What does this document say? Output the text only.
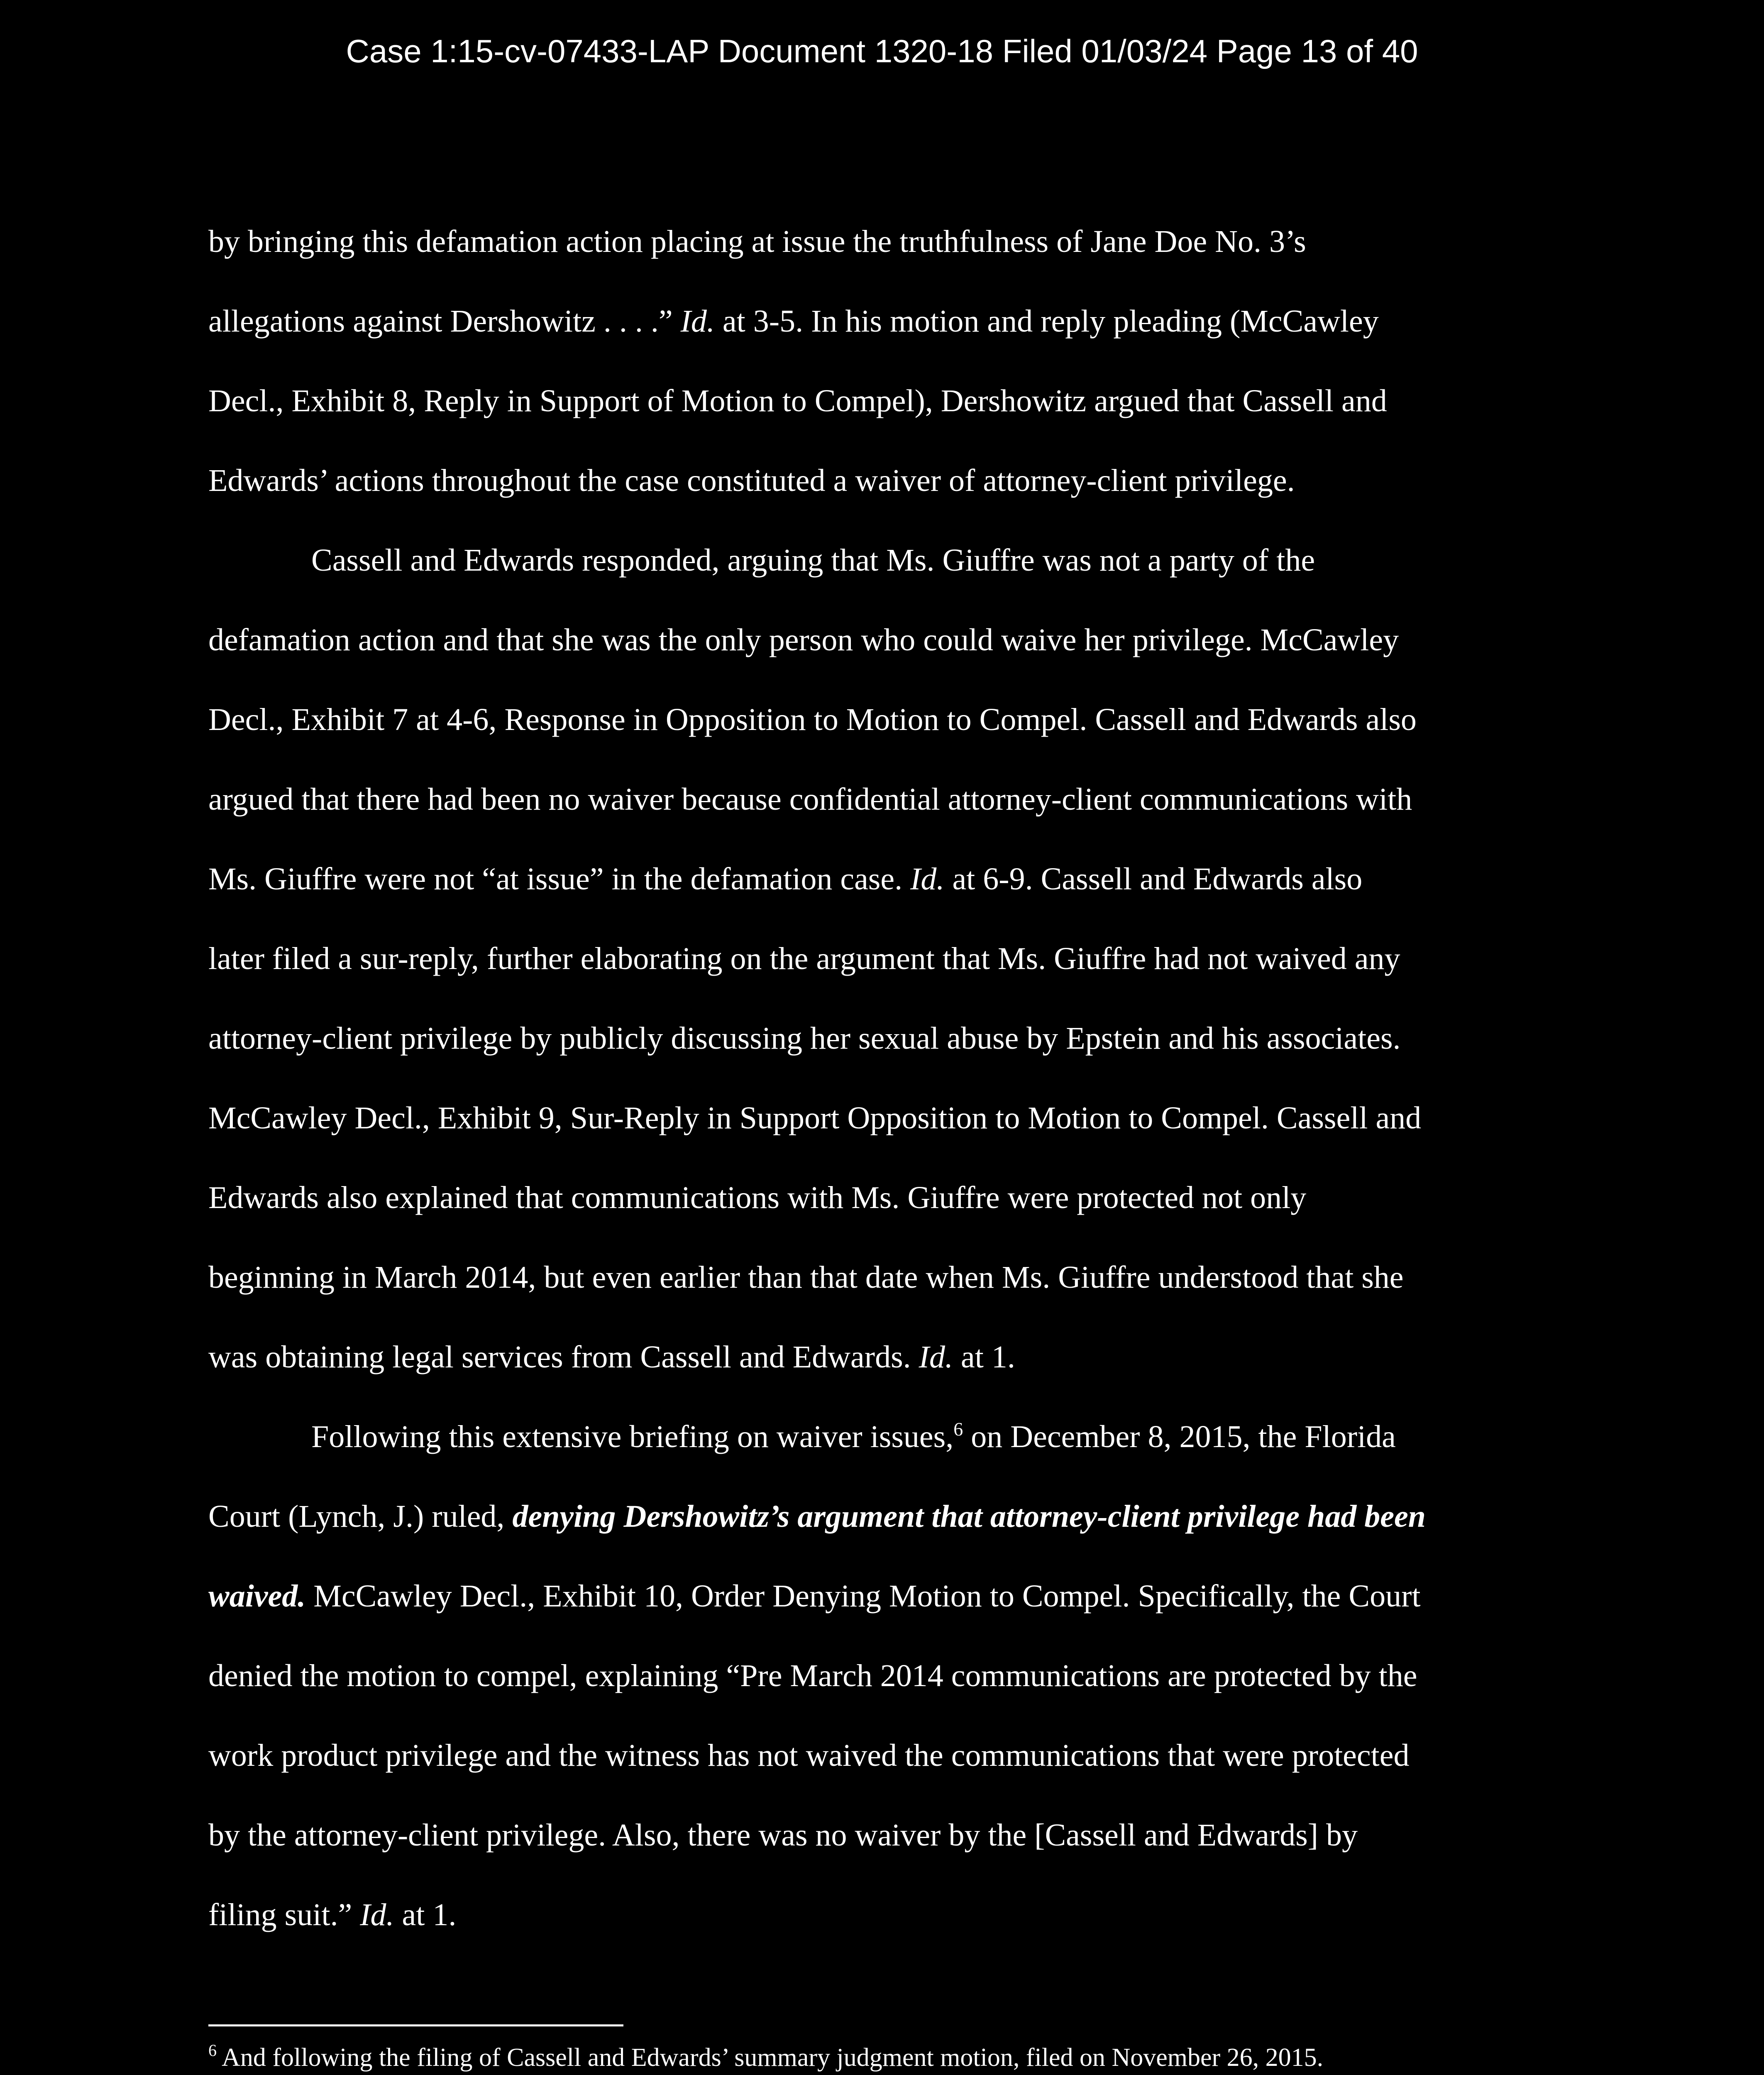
Case 1:15-cv-07433-LAP Document 1320-18 Filed 01/03/24 Page 13 of 40
by bringing this defamation action placing at issue the truthfulness of Jane Doe No. 3’s
allegations against Dershowitz . . . .” Id. at 3-5. In his motion and reply pleading (McCawley
Decl., Exhibit 8, Reply in Support of Motion to Compel), Dershowitz argued that Cassell and
Edwards’ actions throughout the case constituted a waiver of attorney-client privilege.
Cassell and Edwards responded, arguing that Ms. Giuffre was not a party of the
defamation action and that she was the only person who could waive her privilege. McCawley
Decl., Exhibit 7 at 4-6, Response in Opposition to Motion to Compel. Cassell and Edwards also
argued that there had been no waiver because confidential attorney-client communications with
Ms. Giuffre were not “at issue” in the defamation case. Id. at 6-9. Cassell and Edwards also
later filed a sur-reply, further elaborating on the argument that Ms. Giuffre had not waived any
attorney-client privilege by publicly discussing her sexual abuse by Epstein and his associates.
McCawley Decl., Exhibit 9, Sur-Reply in Support Opposition to Motion to Compel. Cassell and
Edwards also explained that communications with Ms. Giuffre were protected not only
beginning in March 2014, but even earlier than that date when Ms. Giuffre understood that she
was obtaining legal services from Cassell and Edwards. Id. at 1.
Following this extensive briefing on waiver issues,$^6$ on December 8, 2015, the Florida
Court (Lynch, J.) ruled, denying Dershowitz’s argument that attorney-client privilege had been
waived. McCawley Decl., Exhibit 10, Order Denying Motion to Compel. Specifically, the Court
denied the motion to compel, explaining “Pre March 2014 communications are protected by the
work product privilege and the witness has not waived the communications that were protected
by the attorney-client privilege. Also, there was no waiver by the [Cassell and Edwards] by
filing suit.” Id. at 1.
$^6$ And following the filing of Cassell and Edwards’ summary judgment motion, filed on November 26, 2015.
